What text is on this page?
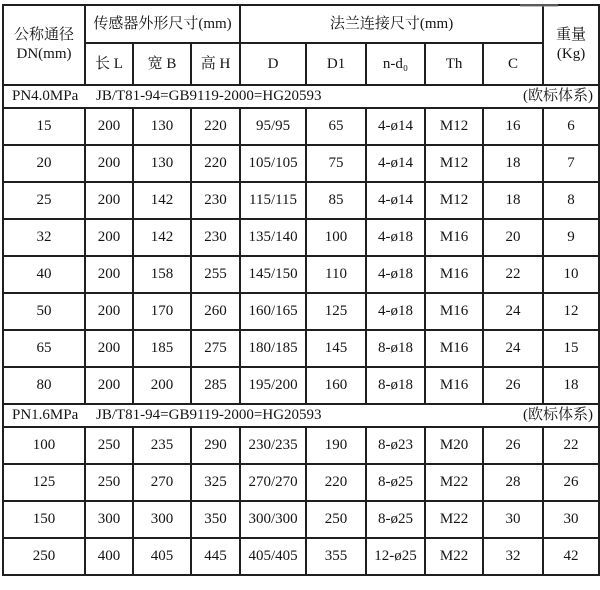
公称通径
DN(mm)	传感器外形尺寸(mm)			法兰连接尺寸(mm)					重量
(Kg)

	长 L	宽 B	高 H	D	D1	n-d₀	Th	C	

PN4.0MPa JB/T81-94=GB9119-2000=HG20593 (欧标体系)									

15	200	130	220	95/95	65	4-ø14	M12	16	6
20	200	130	220	105/105	75	4-ø14	M12	18	7
25	200	142	230	115/115	85	4-ø14	M12	18	8
32	200	142	230	135/140	100	4-ø18	M16	20	9
40	200	158	255	145/150	110	4-ø18	M16	22	10
50	200	170	260	160/165	125	4-ø18	M16	24	12
65	200	185	275	180/185	145	8-ø18	M16	24	15
80	200	200	285	195/200	160	8-ø18	M16	26	18

PN1.6MPa JB/T81-94=GB9119-2000=HG20593 (欧标体系)									

100	250	235	290	230/235	190	8-ø23	M20	26	22
125	250	270	325	270/270	220	8-ø25	M22	28	26
150	300	300	350	300/300	250	8-ø25	M22	30	30
250	400	405	445	405/405	355	12-ø25	M22	32	42
